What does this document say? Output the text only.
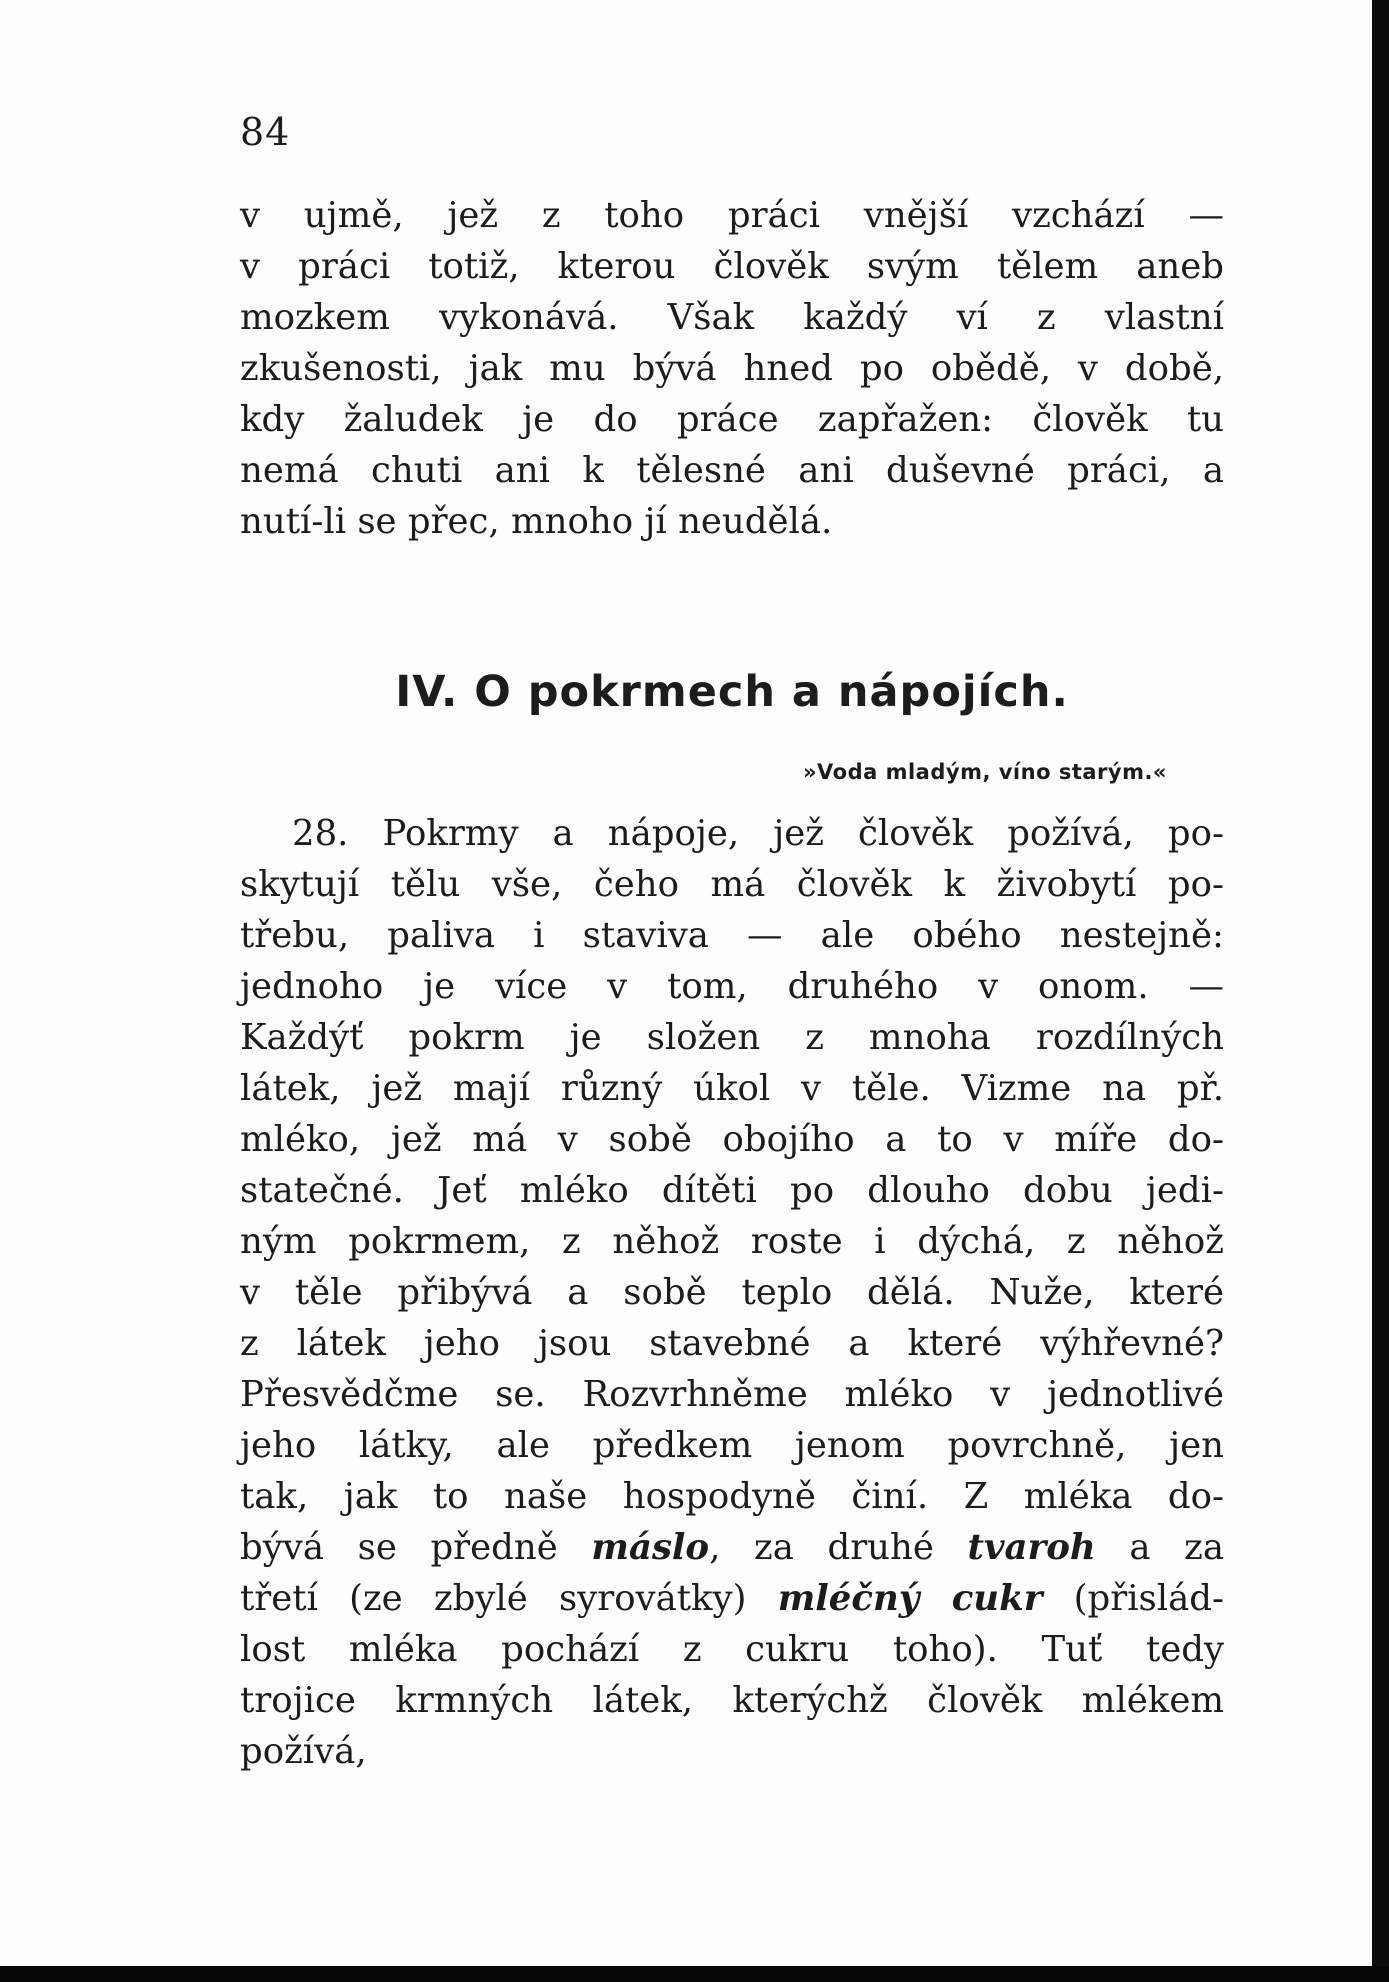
84

v ujmě, jež z toho práci vnější vzchází —
v práci totiž, kterou člověk svým tělem aneb
mozkem vykonává. Však každý ví z vlastní
zkušenosti, jak mu bývá hned po obědě, v době,
kdy žaludek je do práce zapřažen: člověk tu
nemá chuti ani k tělesné ani duševné práci, a
nutí-li se přec, mnoho jí neudělá.

IV. O pokrmech a nápojích.
»Voda mladým, víno starým.«

28. Pokrmy a nápoje, jež člověk požívá, po-
skytují tělu vše, čeho má člověk k živobytí po-
třebu, paliva i staviva — ale obého nestejně:
jednoho je více v tom, druhého v onom. —
Každýť pokrm je složen z mnoha rozdílných
látek, jež mají různý úkol v těle. Vizme na př.
mléko, jež má v sobě obojího a to v míře do-
statečné. Jeť mléko dítěti po dlouho dobu jedi-
ným pokrmem, z něhož roste i dýchá, z něhož
v těle přibývá a sobě teplo dělá. Nuže, které
z látek jeho jsou stavebné a které výhřevné?
Přesvědčme se. Rozvrhněme mléko v jednotlivé
jeho látky, ale předkem jenom povrchně, jen
tak, jak to naše hospodyně činí. Z mléka do-
bývá se předně máslo, za druhé tvaroh a za
třetí (ze zbylé syrovátky) mléčný cukr (přislád-
lost mléka pochází z cukru toho). Tuť tedy
trojice krmných látek, kterýchž člověk mlékem
požívá,
